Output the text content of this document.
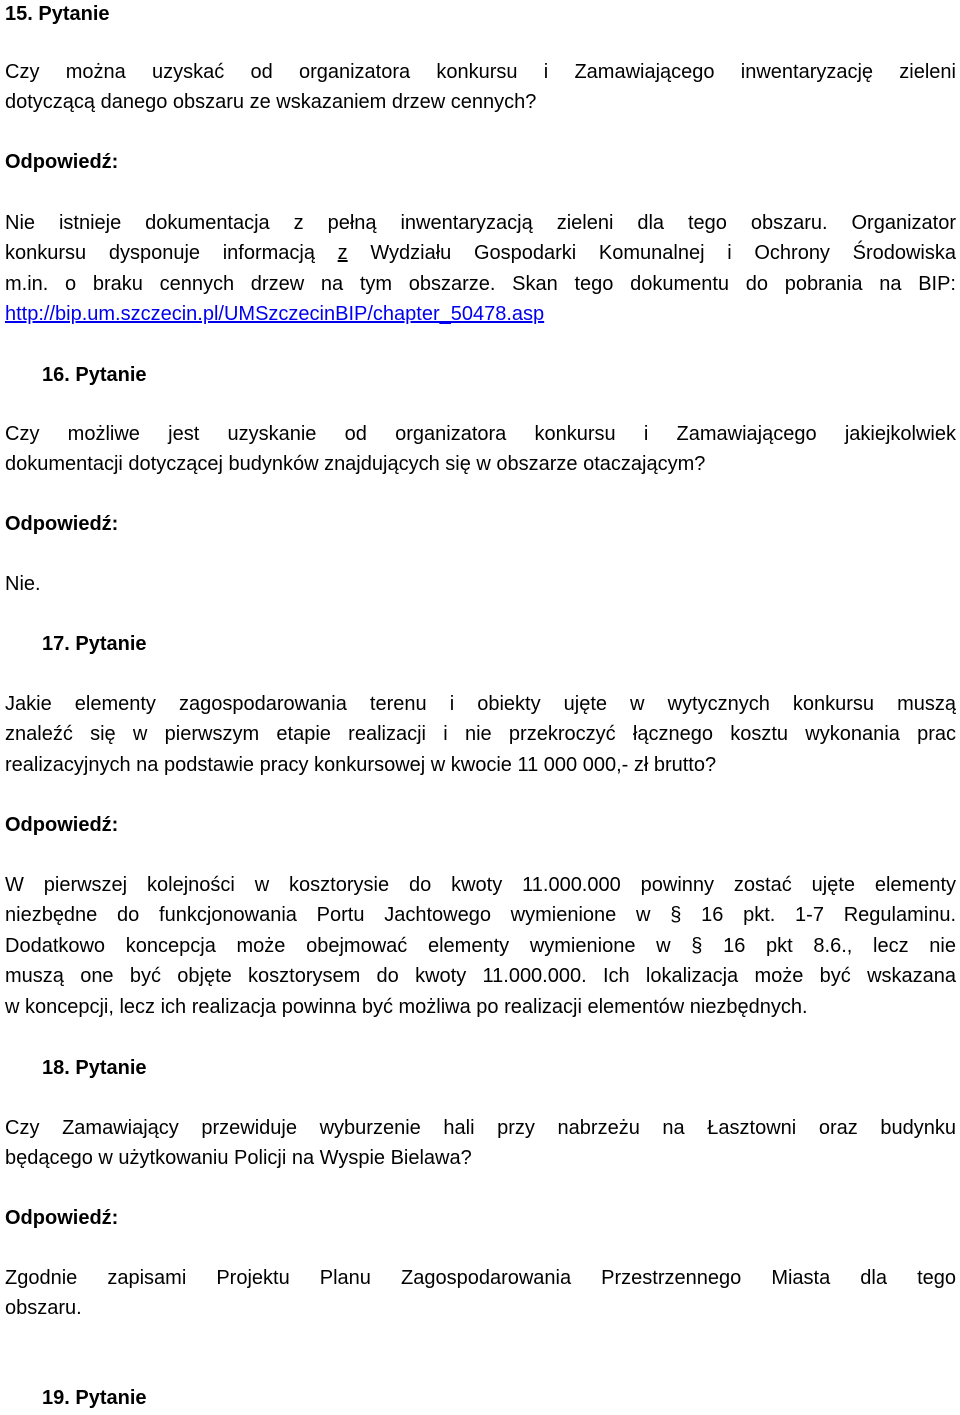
15. Pytanie
Czy można uzyskać od organizatora konkursu i Zamawiającego inwentaryzację zieleni
dotyczącą danego obszaru ze wskazaniem drzew cennych?
Odpowiedź:
Nie istnieje dokumentacja z pełną inwentaryzacją zieleni dla tego obszaru. Organizator
konkursu dysponuje informacją z Wydziału Gospodarki Komunalnej i Ochrony Środowiska
m.in. o braku cennych drzew na tym obszarze. Skan tego dokumentu do pobrania na BIP:
http://bip.um.szczecin.pl/UMSzczecinBIP/chapter_50478.asp
16. Pytanie
Czy możliwe jest uzyskanie od organizatora konkursu i Zamawiającego jakiejkolwiek
dokumentacji dotyczącej budynków znajdujących się w obszarze otaczającym?
Odpowiedź:
Nie.
17. Pytanie
Jakie elementy zagospodarowania terenu i obiekty ujęte w wytycznych konkursu muszą
znaleźć się w pierwszym etapie realizacji i nie przekroczyć łącznego kosztu wykonania prac
realizacyjnych na podstawie pracy konkursowej w kwocie 11 000 000,- zł brutto?
Odpowiedź:
W pierwszej kolejności w kosztorysie do kwoty 11.000.000 powinny zostać ujęte elementy
niezbędne do funkcjonowania Portu Jachtowego wymienione w § 16 pkt. 1-7 Regulaminu.
Dodatkowo koncepcja może obejmować elementy wymienione w § 16 pkt 8.6., lecz nie
muszą one być objęte kosztorysem do kwoty 11.000.000. Ich lokalizacja może być wskazana
w koncepcji, lecz ich realizacja powinna być możliwa po realizacji elementów niezbędnych.
18. Pytanie
Czy Zamawiający przewiduje wyburzenie hali przy nabrzeżu na Łasztowni oraz budynku
będącego w użytkowaniu Policji na Wyspie Bielawa?
Odpowiedź:
Zgodnie zapisami Projektu Planu Zagospodarowania Przestrzennego Miasta dla tego
obszaru.
19. Pytanie
